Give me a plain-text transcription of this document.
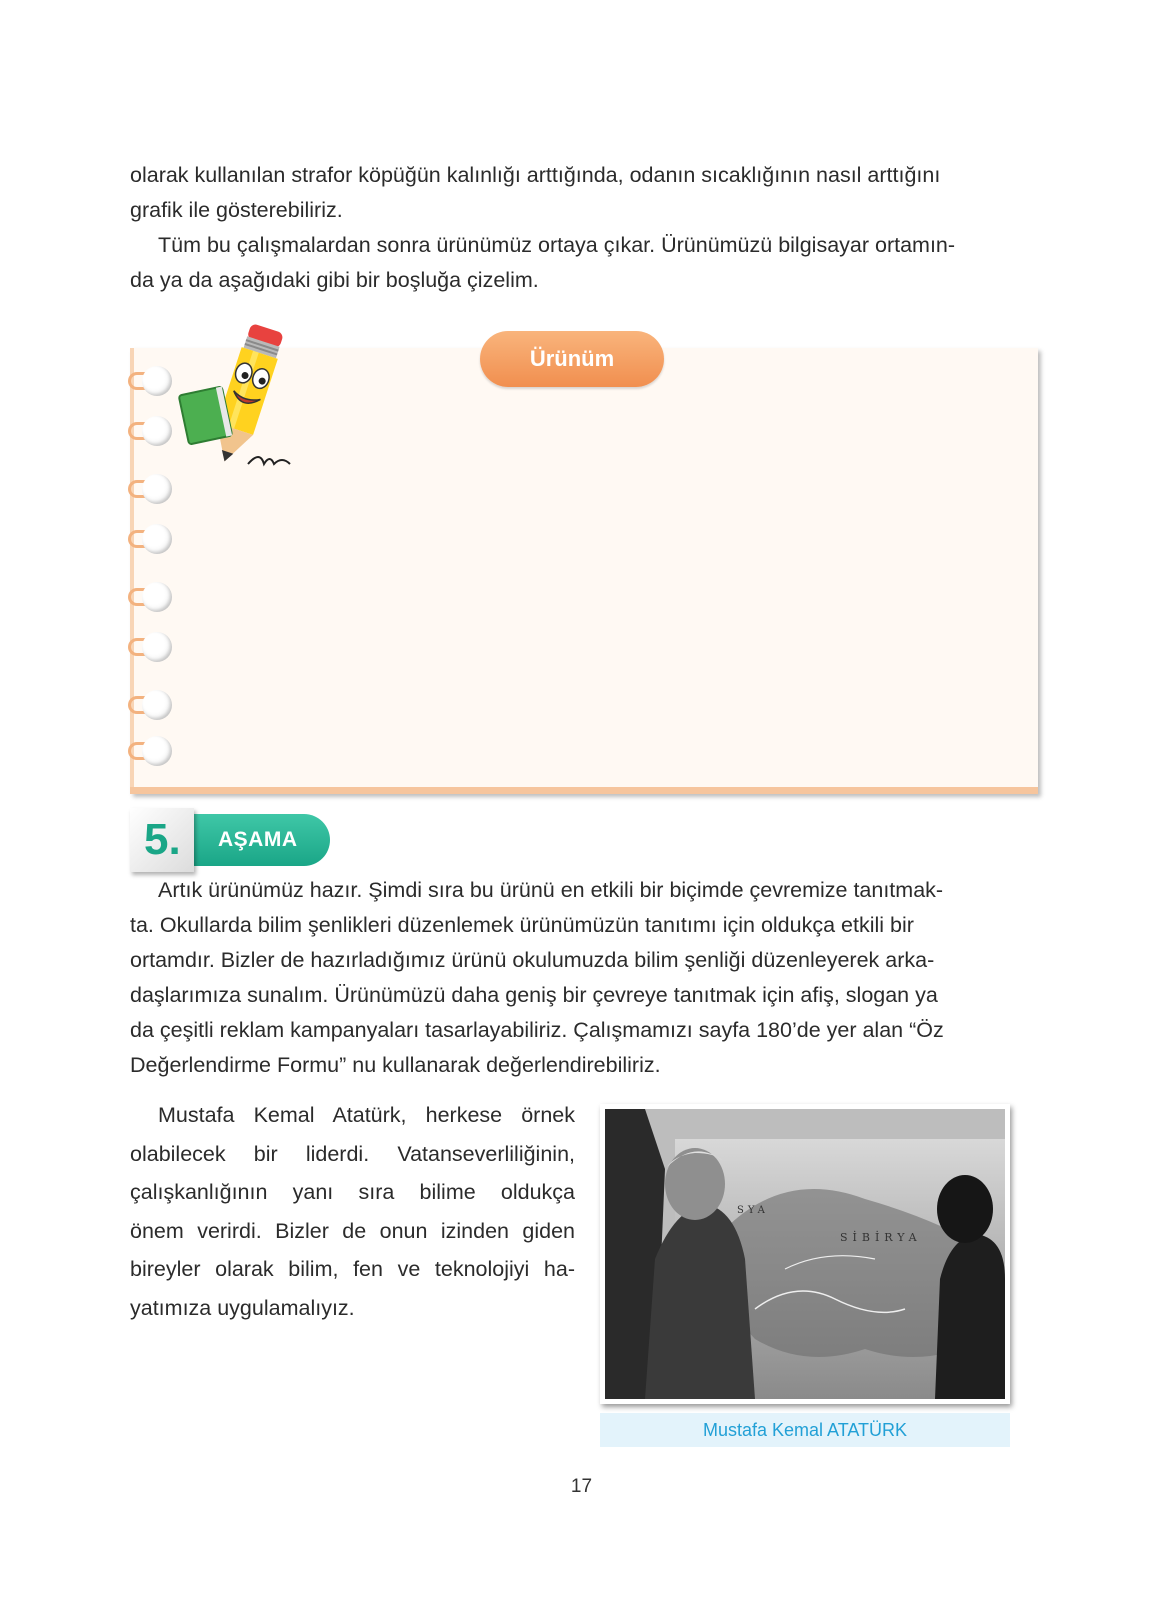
olarak kullanılan strafor köpüğün kalınlığı arttığında, odanın sıcaklığının nasıl arttığını
grafik ile gösterebiliriz.
Tüm bu çalışmalardan sonra ürünümüz ortaya çıkar. Ürünümüzü bilgisayar ortamın-
da ya da aşağıdaki gibi bir boşluğa çizelim.
Ürünüm
AŞAMA
5.
Artık ürünümüz hazır. Şimdi sıra bu ürünü en etkili bir biçimde çevremize tanıtmak-
ta. Okullarda bilim şenlikleri düzenlemek ürünümüzün tanıtımı için oldukça etkili bir
ortamdır. Bizler de hazırladığımız ürünü okulumuzda bilim şenliği düzenleyerek arka-
daşlarımıza sunalım. Ürünümüzü daha geniş bir çevreye tanıtmak için afiş, slogan ya
da çeşitli reklam kampanyaları tasarlayabiliriz. Çalışmamızı sayfa 180’de yer alan “Öz
Değerlendirme Formu” nu kullanarak değerlendirebiliriz.
Mustafa Kemal Atatürk, herkese örnek
olabilecek bir liderdi. Vatanseverliliğinin,
çalışkanlığının yanı sıra bilime oldukça
önem verirdi. Bizler de onun izinden giden
bireyler olarak bilim, fen ve teknolojiyi ha-
yatımıza uygulamalıyız.
SİBİRYA
SYA
Mustafa Kemal ATATÜRK
17
